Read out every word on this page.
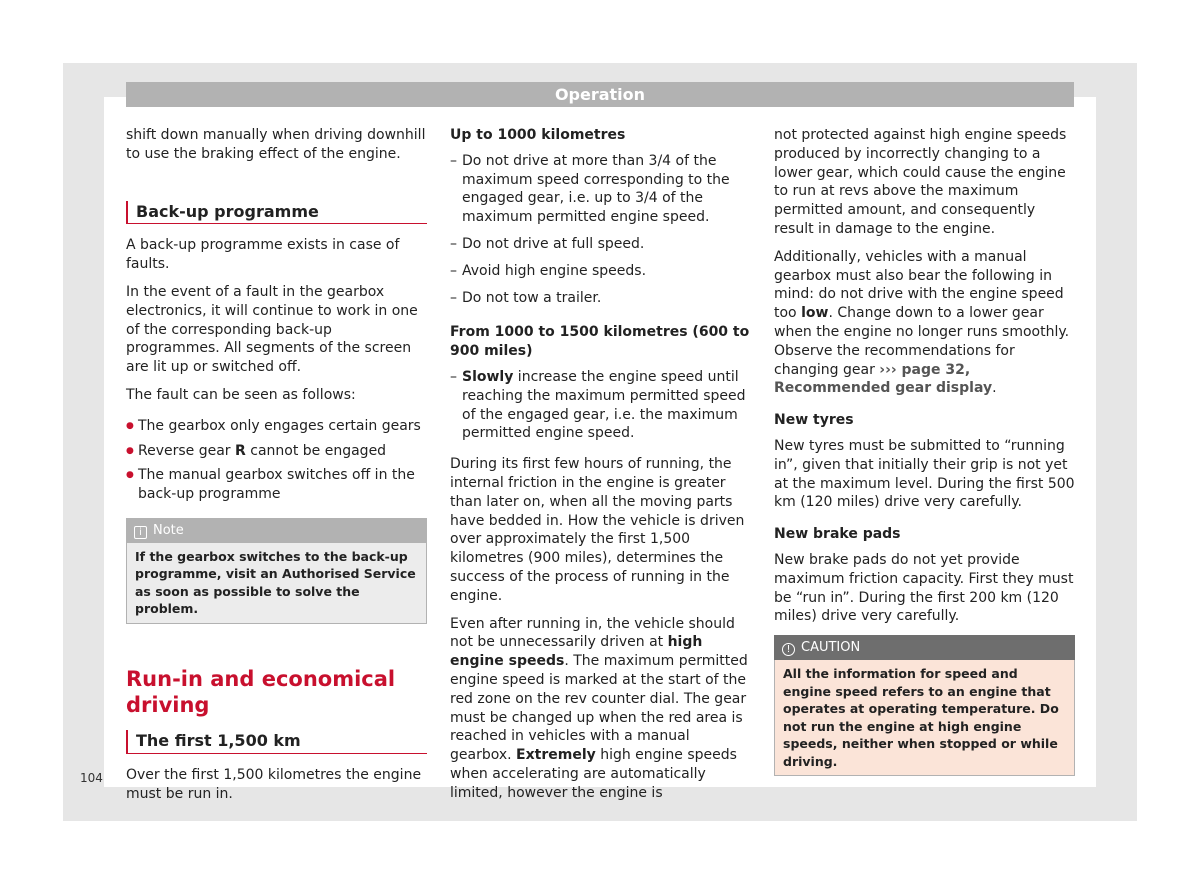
Operation

shift down manually when driving downhill to use the braking effect of the engine.

Back-up programme

A back-up programme exists in case of faults.

In the event of a fault in the gearbox electronics, it will continue to work in one of the corresponding back-up programmes. All segments of the screen are lit up or switched off.

The fault can be seen as follows:

● The gearbox only engages certain gears
● Reverse gear R cannot be engaged
● The manual gearbox switches off in the back-up programme
i Note
If the gearbox switches to the back-up programme, visit an Authorised Service as soon as possible to solve the problem.
Run-in and economical driving
The first 1,500 km

Over the first 1,500 kilometres the engine must be run in.

Up to 1000 kilometres
– Do not drive at more than 3/4 of the maximum speed corresponding to the engaged gear, i.e. up to 3/4 of the maximum permitted engine speed.
– Do not drive at full speed.
– Avoid high engine speeds.
– Do not tow a trailer.
From 1000 to 1500 kilometres (600 to 900 miles)
– Slowly increase the engine speed until reaching the maximum permitted speed of the engaged gear, i.e. the maximum permitted engine speed.

During its first few hours of running, the internal friction in the engine is greater than later on, when all the moving parts have bedded in. How the vehicle is driven over approximately the first 1,500 kilometres (900 miles), determines the success of the process of running in the engine.

Even after running in, the vehicle should not be unnecessarily driven at high engine speeds. The maximum permitted engine speed is marked at the start of the red zone on the rev counter dial. The gear must be changed up when the red area is reached in vehicles with a manual gearbox. Extremely high engine speeds when accelerating are automatically limited, however the engine is

not protected against high engine speeds produced by incorrectly changing to a lower gear, which could cause the engine to run at revs above the maximum permitted amount, and consequently result in damage to the engine.

Additionally, vehicles with a manual gearbox must also bear the following in mind: do not drive with the engine speed too low. Change down to a lower gear when the engine no longer runs smoothly. Observe the recommendations for changing gear ››› page 32, Recommended gear display.

New tyres

New tyres must be submitted to “running in”, given that initially their grip is not yet at the maximum level. During the first 500 km (120 miles) drive very carefully.

New brake pads

New brake pads do not yet provide maximum friction capacity. First they must be “run in”. During the first 200 km (120 miles) drive very carefully.

! CAUTION
All the information for speed and engine speed refers to an engine that operates at operating temperature. Do not run the engine at high engine speeds, neither when stopped or while driving.
104
